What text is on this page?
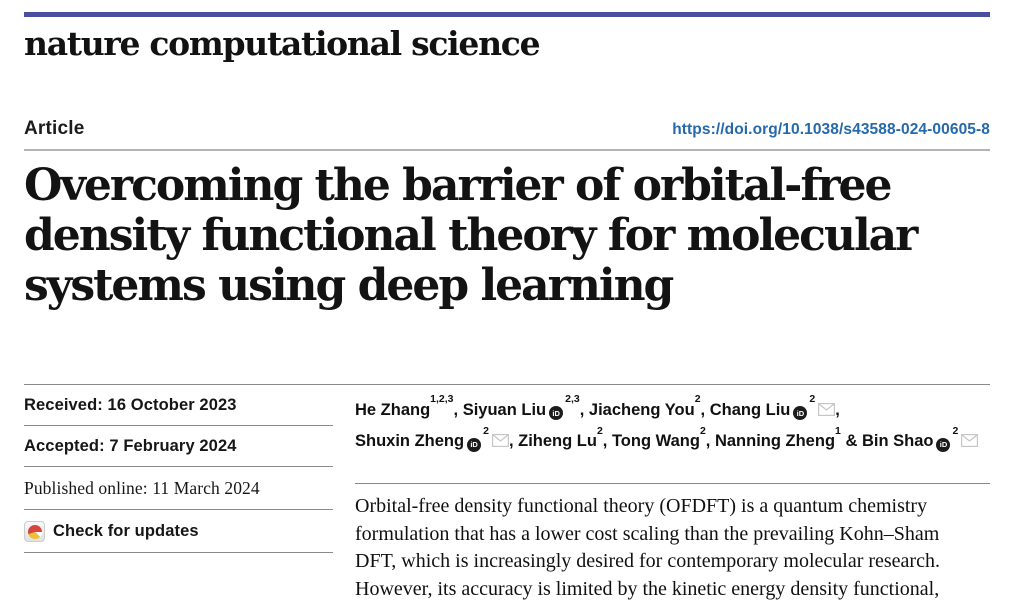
nature computational science
Article	https://doi.org/10.1038/s43588-024-00605-8
Overcoming the barrier of orbital-free
density functional theory for molecular
systems using deep learning
Received: 16 October 2023
Accepted: 7 February 2024
Published online: 11 March 2024
Check for updates
He Zhang$^{1,2,3}$, Siyuan Liu iD$^{2,3}$, Jiacheng You$^2$, Chang Liu $iD^2$,
Shuxin Zheng $iD^2$, Ziheng Lu$^2$, Tong Wang$^2$, Nanning Zheng$^1$ & Bin Shao $iD^2$

Orbital-free density functional theory (OFDFT) is a quantum chemistry
formulation that has a lower cost scaling than the prevailing Kohn–Sham
DFT, which is increasingly desired for contemporary molecular research.
However, its accuracy is limited by the kinetic energy density functional,
